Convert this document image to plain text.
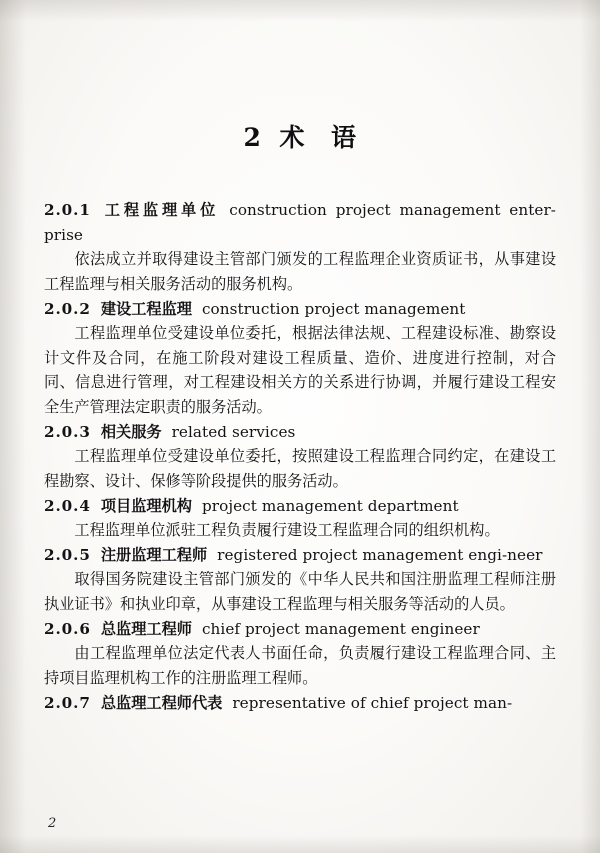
2 术 语

2.0.1 工程监理单位 construction project management enter-prise
依法成立并取得建设主管部门颁发的工程监理企业资质证书，从事建设工程监理与相关服务活动的服务机构。

2.0.2 建设工程监理 construction project management
工程监理单位受建设单位委托，根据法律法规、工程建设标准、勘察设计文件及合同，在施工阶段对建设工程质量、造价、进度进行控制，对合同、信息进行管理，对工程建设相关方的关系进行协调，并履行建设工程安全生产管理法定职责的服务活动。

2.0.3 相关服务 related services
工程监理单位受建设单位委托，按照建设工程监理合同约定，在建设工程勘察、设计、保修等阶段提供的服务活动。

2.0.4 项目监理机构 project management department
工程监理单位派驻工程负责履行建设工程监理合同的组织机构。

2.0.5 注册监理工程师 registered project management engi-neer
取得国务院建设主管部门颁发的《中华人民共和国注册监理工程师注册执业证书》和执业印章，从事建设工程监理与相关服务等活动的人员。

2.0.6 总监理工程师 chief project management engineer
由工程监理单位法定代表人书面任命，负责履行建设工程监理合同、主持项目监理机构工作的注册监理工程师。

2.0.7 总监理工程师代表 representative of chief project man-

2
